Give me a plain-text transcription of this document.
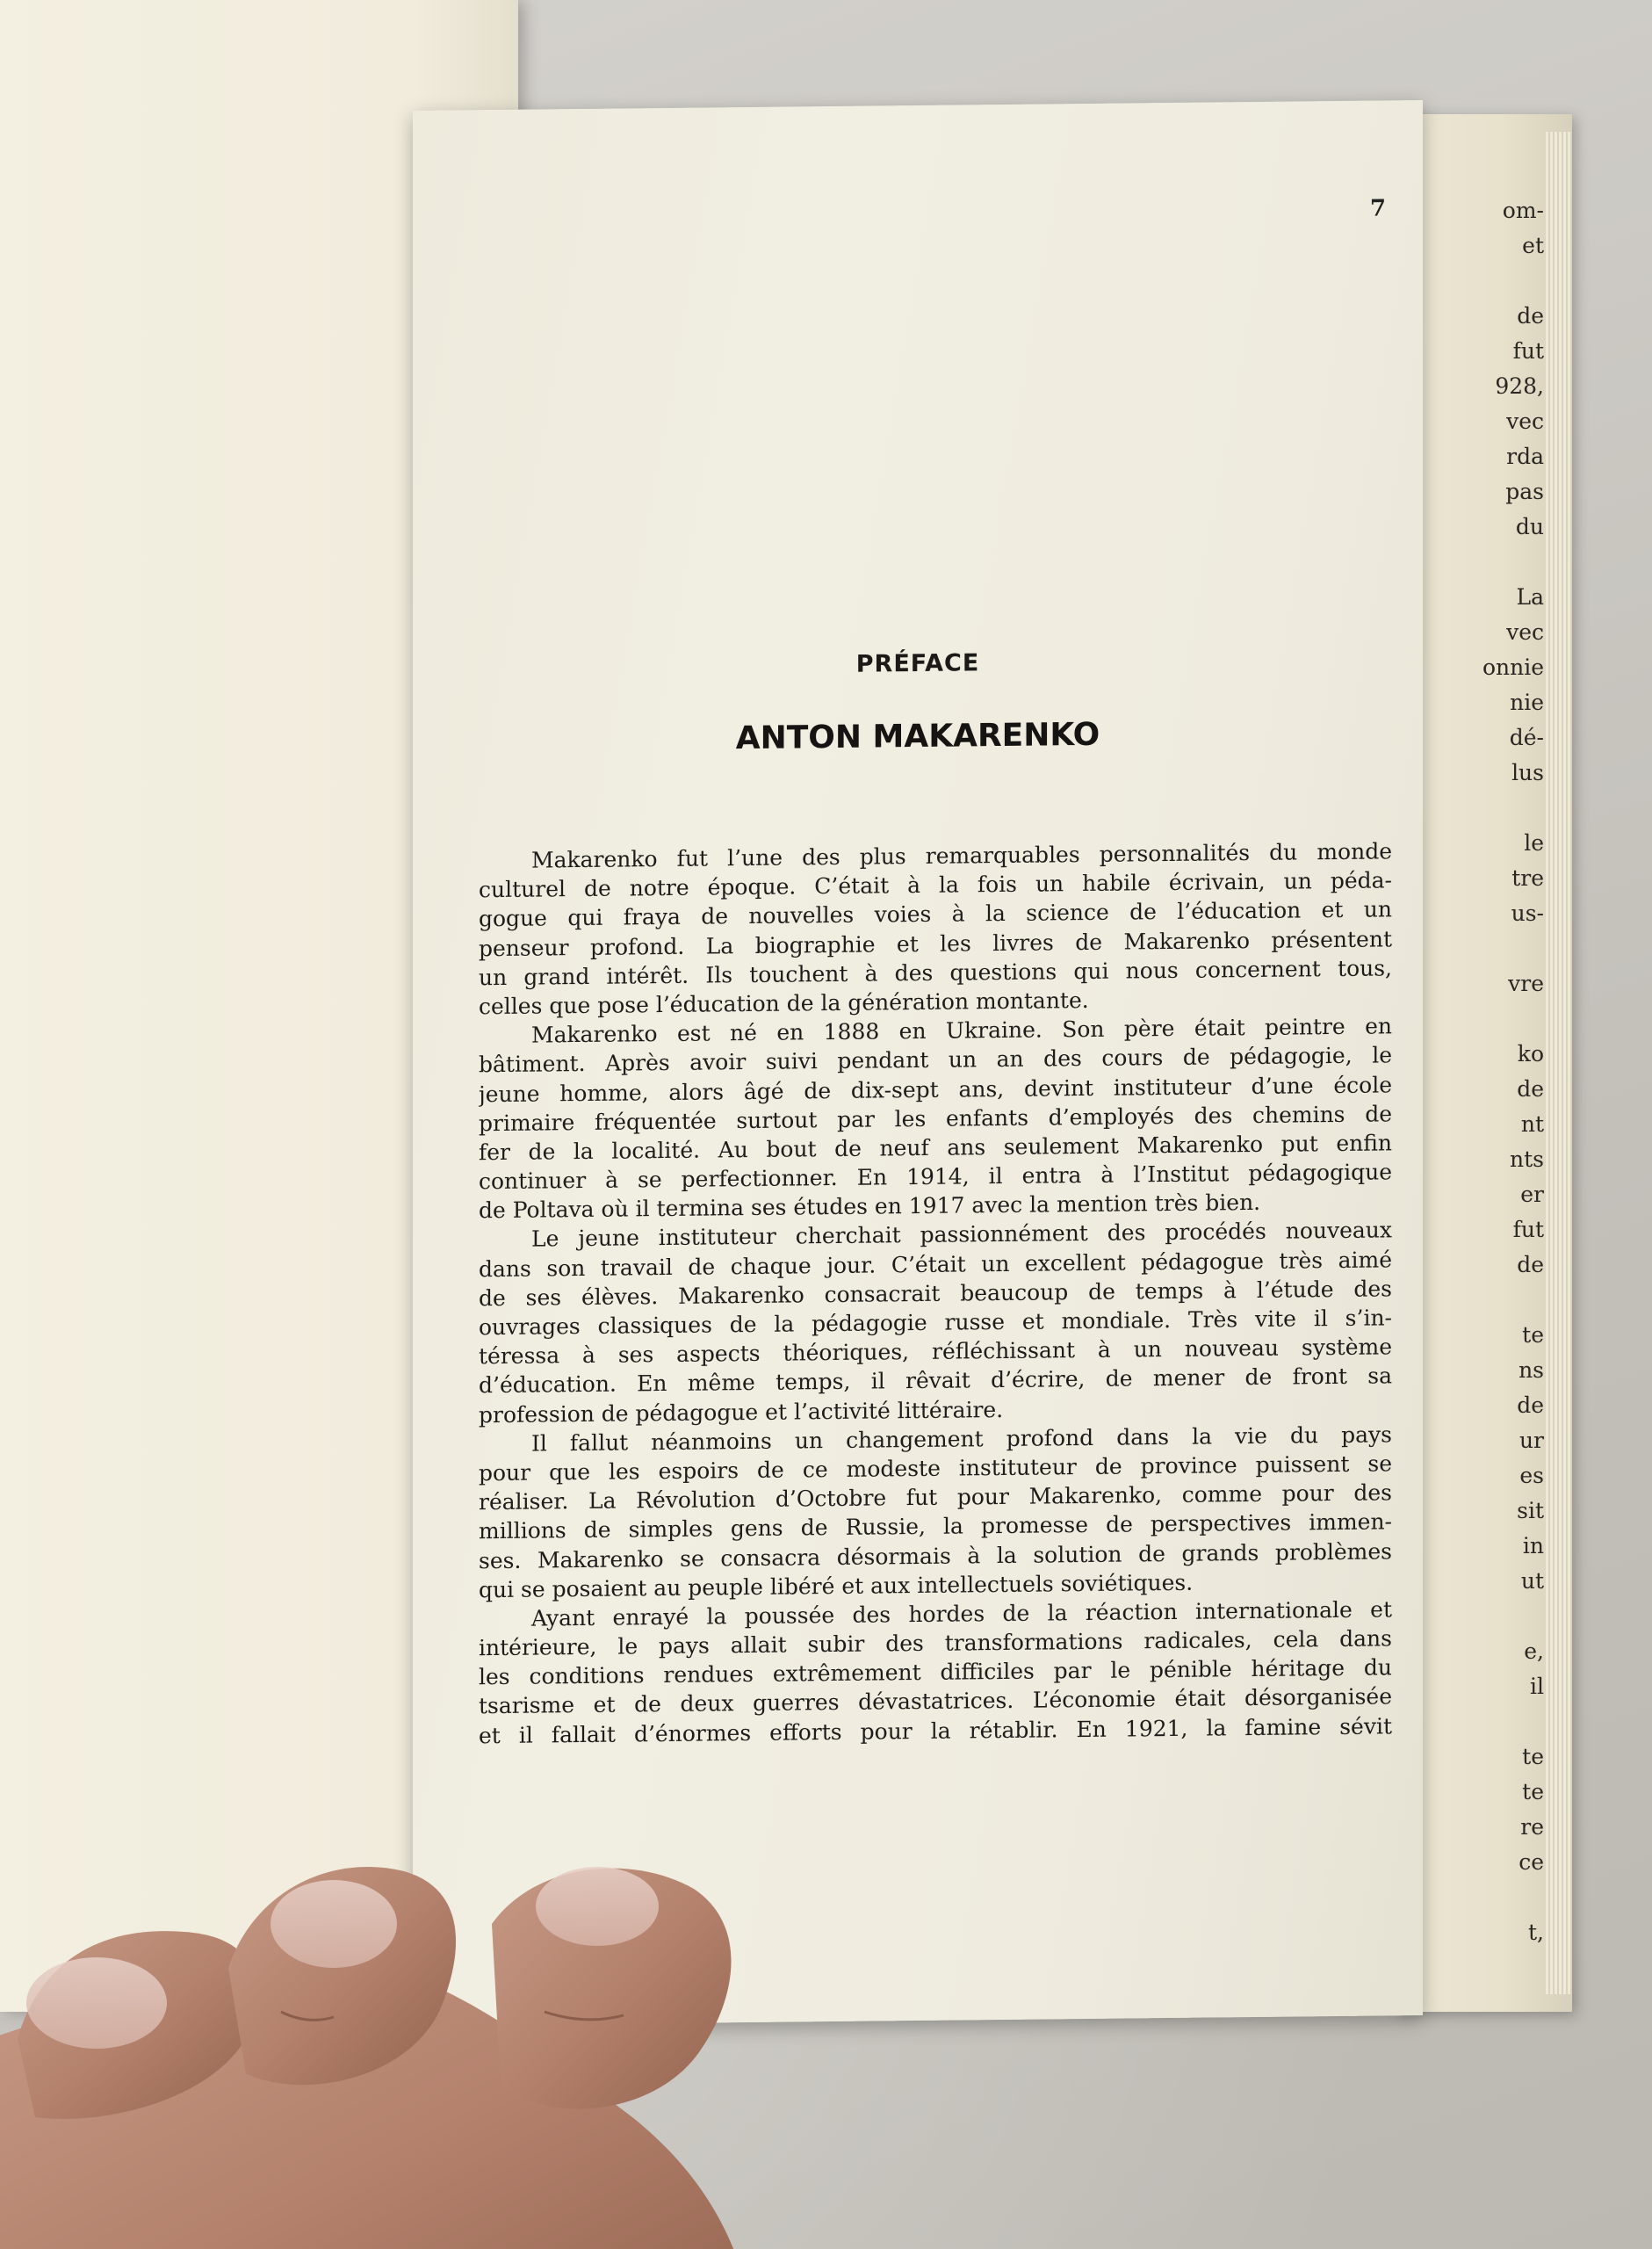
om-
et
de
fut
928,
vec
rda
pas
du
La
vec
onnie
nie
dé-
lus
le
tre
us-
vre
ko
de
nt
nts
er
fut
de
te
ns
de
ur
es
sit
in
ut
e,
il
te
te
re
ce
t,
7
PRÉFACE
ANTON MAKARENKO
Makarenko fut l’une des plus remarquables personnalités du monde
culturel de notre époque. C’était à la fois un habile écrivain, un péda-
gogue qui fraya de nouvelles voies à la science de l’éducation et un
penseur profond. La biographie et les livres de Makarenko présentent
un grand intérêt. Ils touchent à des questions qui nous concernent tous,
celles que pose l’éducation de la génération montante.
Makarenko est né en 1888 en Ukraine. Son père était peintre en
bâtiment. Après avoir suivi pendant un an des cours de pédagogie, le
jeune homme, alors âgé de dix-sept ans, devint instituteur d’une école
primaire fréquentée surtout par les enfants d’employés des chemins de
fer de la localité. Au bout de neuf ans seulement Makarenko put enfin
continuer à se perfectionner. En 1914, il entra à l’Institut pédagogique
de Poltava où il termina ses études en 1917 avec la mention très bien.
Le jeune instituteur cherchait passionnément des procédés nouveaux
dans son travail de chaque jour. C’était un excellent pédagogue très aimé
de ses élèves. Makarenko consacrait beaucoup de temps à l’étude des
ouvrages classiques de la pédagogie russe et mondiale. Très vite il s’in-
téressa à ses aspects théoriques, réfléchissant à un nouveau système
d’éducation. En même temps, il rêvait d’écrire, de mener de front sa
profession de pédagogue et l’activité littéraire.
Il fallut néanmoins un changement profond dans la vie du pays
pour que les espoirs de ce modeste instituteur de province puissent se
réaliser. La Révolution d’Octobre fut pour Makarenko, comme pour des
millions de simples gens de Russie, la promesse de perspectives immen-
ses. Makarenko se consacra désormais à la solution de grands problèmes
qui se posaient au peuple libéré et aux intellectuels soviétiques.
Ayant enrayé la poussée des hordes de la réaction internationale et
intérieure, le pays allait subir des transformations radicales, cela dans
les conditions rendues extrêmement difficiles par le pénible héritage du
tsarisme et de deux guerres dévastatrices. L’économie était désorganisée
et il fallait d’énormes efforts pour la rétablir. En 1921, la famine sévit
